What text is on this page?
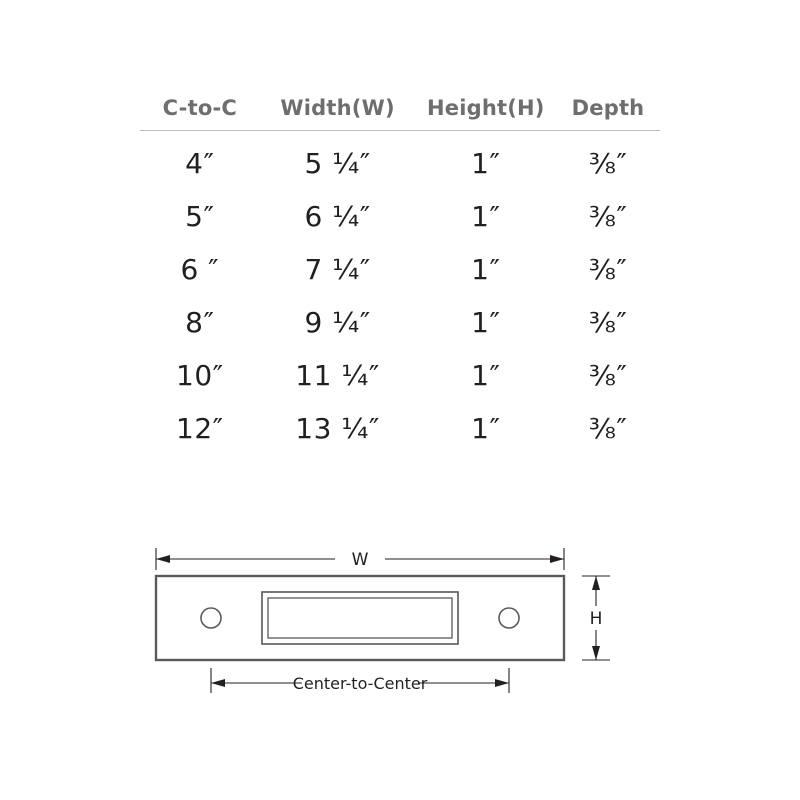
C-to-C	Width(W)	Height(H)	Depth
4″	5 ¼″	1″	⅜″
5″	6 ¼″	1″	⅜″
6 ″	7 ¼″	1″	⅜″
8″	9 ¼″	1″	⅜″
10″	11 ¼″	1″	⅜″
12″	13 ¼″	1″	⅜″
W
H
Center-to-Center
